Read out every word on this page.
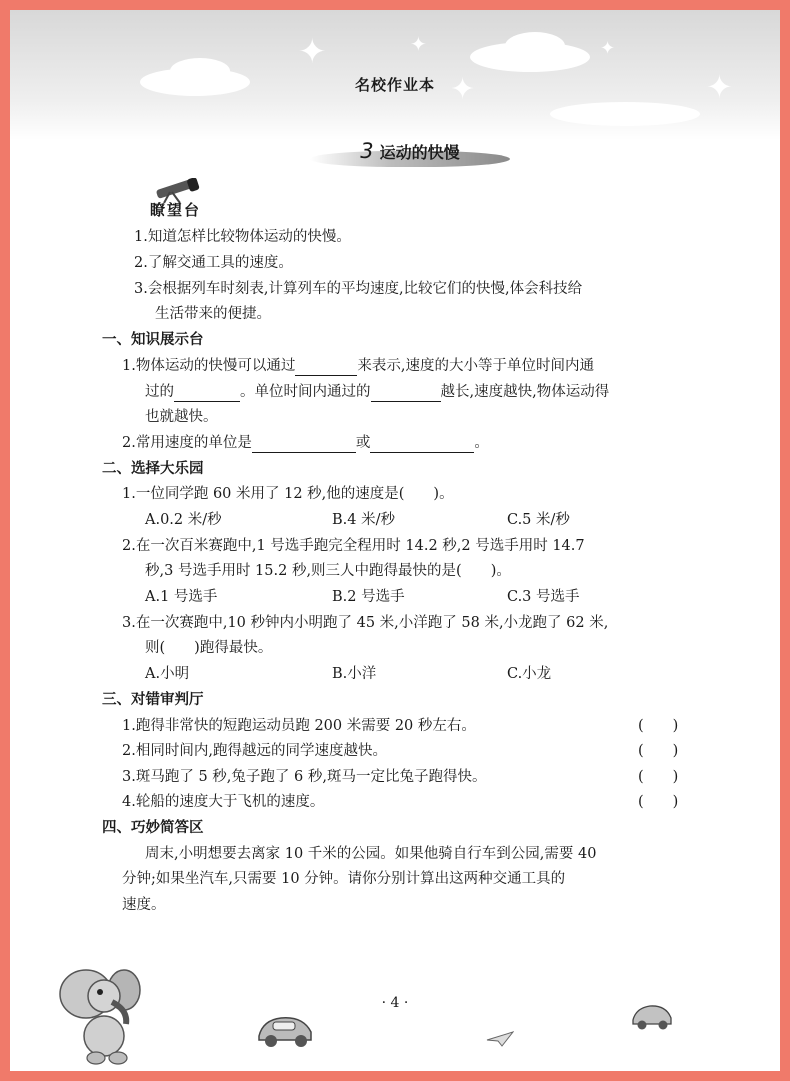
✦	✦
✦
✦
✦
名校作业本
3 运动的快慢
瞭望台
1.知道怎样比较物体运动的快慢。
2.了解交通工具的速度。
3.会根据列车时刻表,计算列车的平均速度,比较它们的快慢,体会科技给
生活带来的便捷。
一、知识展示台
1.物体运动的快慢可以通过	来表示,速度的大小等于单位时间内通
过的	。单位时间内通过的	越长,速度越快,物体运动得
也就越快。
2.常用速度的单位是	或	。
二、选择大乐园
1.一位同学跑 60 米用了 12 秒,他的速度是(　　)。
A.0.2 米/秒	B.4 米/秒	C.5 米/秒
2.在一次百米赛跑中,1 号选手跑完全程用时 14.2 秒,2 号选手用时 14.7
秒,3 号选手用时 15.2 秒,则三人中跑得最快的是(　　)。
A.1 号选手	B.2 号选手	C.3 号选手
3.在一次赛跑中,10 秒钟内小明跑了 45 米,小洋跑了 58 米,小龙跑了 62 米,
则(　　)跑得最快。
A.小明	B.小洋	C.小龙
三、对错审判厅
1.跑得非常快的短跑运动员跑 200 米需要 20 秒左右。	(　　)
2.相同时间内,跑得越远的同学速度越快。	(　　)
3.斑马跑了 5 秒,兔子跑了 6 秒,斑马一定比兔子跑得快。	(　　)
4.轮船的速度大于飞机的速度。	(　　)
四、巧妙简答区
周末,小明想要去离家 10 千米的公园。如果他骑自行车到公园,需要 40
分钟;如果坐汽车,只需要 10 分钟。请你分别计算出这两种交通工具的
速度。
· 4 ·
